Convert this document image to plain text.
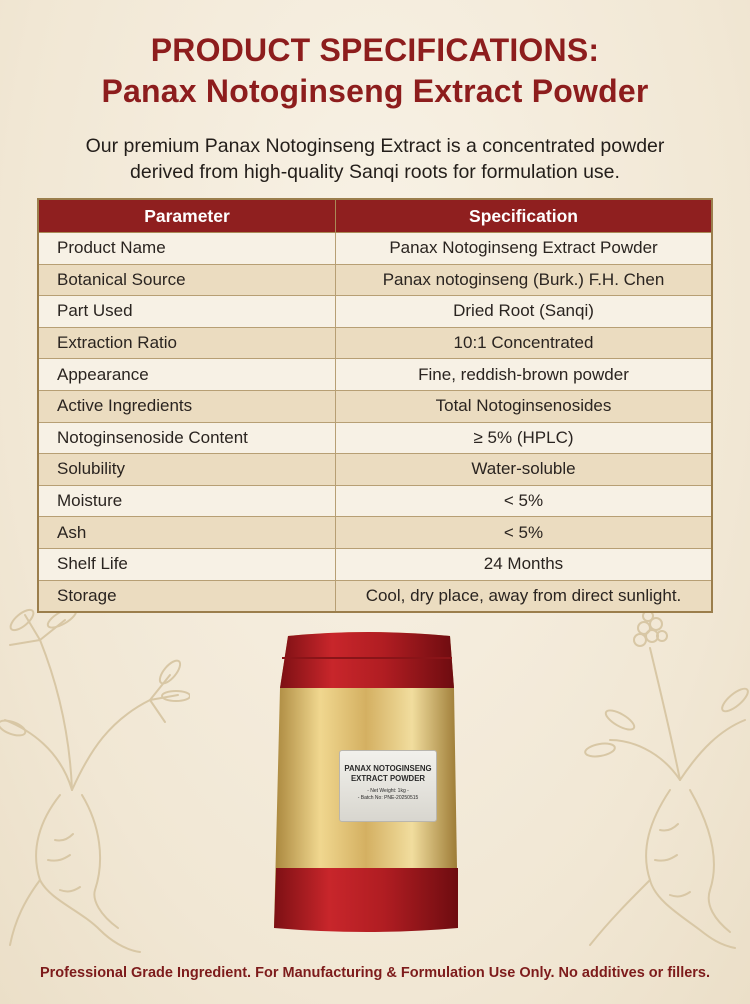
PRODUCT SPECIFICATIONS:
Panax Notoginseng Extract Powder
Our premium Panax Notoginseng Extract is a concentrated powder
derived from high-quality Sanqi roots for formulation use.
Parameter	Specification
Product Name	Panax Notoginseng Extract Powder
Botanical Source	Panax notoginseng (Burk.) F.H. Chen
Part Used	Dried Root (Sanqi)
Extraction Ratio	10:1 Concentrated
Appearance	Fine, reddish-brown powder
Active Ingredients	Total Notoginsenosides
Notoginsenoside Content	≥ 5% (HPLC)
Solubility	Water-soluble
Moisture	< 5%
Ash	< 5%
Shelf Life	24 Months
Storage	Cool, dry place, away from direct sunlight.
PANAX NOTOGINSENG
EXTRACT POWDER
- Net Weight: 1kg -
- Batch No: PNE-20250515
Professional Grade Ingredient. For Manufacturing & Formulation Use Only. No additives or fillers.
